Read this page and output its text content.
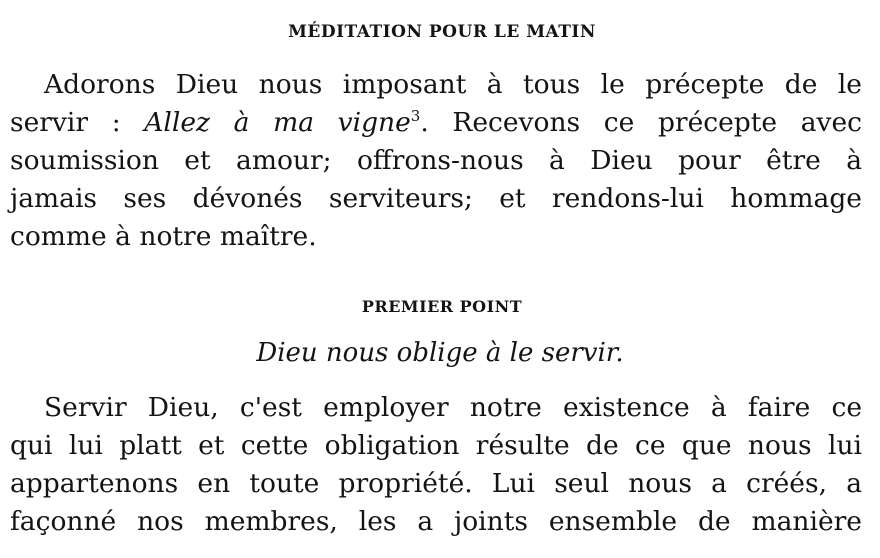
MÉDITATION POUR LE MATIN
Adorons Dieu nous imposant à tous le précepte de le
servir : Allez à ma vigne$^3$. Recevons ce précepte avec
soumission et amour; offrons-nous à Dieu pour être à
jamais ses dévonés serviteurs; et rendons-lui hommage
comme à notre maître.
PREMIER POINT
Dieu nous oblige à le servir.
Servir Dieu, c'est employer notre existence à faire ce
qui lui platt et cette obligation résulte de ce que nous lui
appartenons en toute propriété. Lui seul nous a créés, a
façonné nos membres, les a joints ensemble de manière
